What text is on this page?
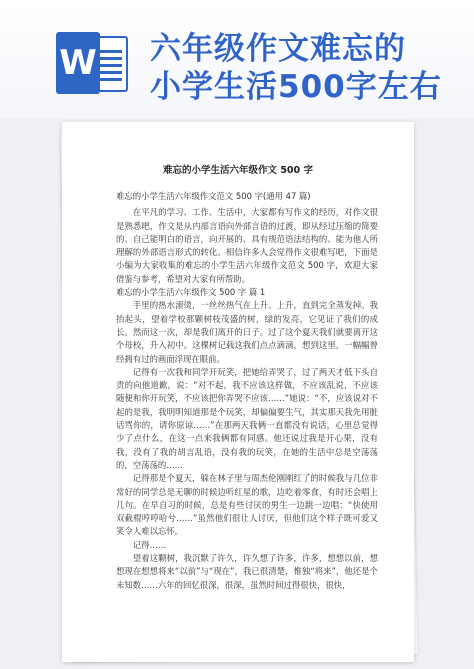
W 六年级作文难忘的
小学生活500字左右
难忘的小学生活六年级作文 500 字

难忘的小学生活六年级作文范文 500 字(通用 47 篇)

在平凡的学习、工作、生活中，大家都有写作文的经历，对作文很是熟悉吧，作文是从内部言语向外部言语的过渡，即从经过压缩的简要的、自己能明白的语言，向开展的、具有规范语法结构的、能为他人所理解的外部语言形式的转化。相信许多人会觉得作文很难写吧，下面是小编为大家收集的难忘的小学生活六年级作文范文 500 字，欢迎大家借鉴与参考，希望对大家有所帮助。

难忘的小学生活六年级作文 500 字 篇 1

手里的热水滚烫，一丝丝热气在上升。上升，直到完全蒸发掉。我抬起头，望着学校那颗树枝茂盛的树，绿的发亮，它见证了我们的成长。然而这一次，却是我们离开的日子。过了这个夏天我们就要离开这个母校，升入初中。这棵树记载这我们点点滴滴，想到这里，一幅幅曾经拥有过的画面浮现在眼前。

记得有一次我和同学开玩笑，把她给弄哭了，过了两天才低下头自责的向他道歉，说：“对不起，我不应该这样做，不应该乱说，不应该随便和你开玩笑，不应该把你弄哭不应该……”她说：“不，应该说对不起的是我，我明明知道那是个玩笑，却偏偏要生气，其实那天我先用脏话骂你的，请你原谅……”在那两天我俩一直都没有说话，心里总觉得少了点什么，在这一点来我俩都有同感。他还说过我是开心果，没有我，没有了我的胡言乱语，没有我的玩笑，在她的生活中总是空荡荡的，空荡荡的……

记得那是个夏天，躲在林子里与周杰伦刚刚红了的时候我与几位非常好的同学总是无聊的时候边听红星的歌，边吃着零食，有时还会唱上几句。在早自习的时候，总是有些讨厌的男生一边跳一边唱：“快使用双截棍哼哼哈兮……”虽然他们很让人讨厌，但他们这个样子既可爱又笑令人难以忘怀。

记得……

望着这颗树，我沉默了许久，许久想了许多，许多，想想以前，想想现在想想将来“以前”与“现在”，我已很清楚，惟独“将来”，他还是个未知数……六年的回忆很深，很深，虽然时间过得很快，很快，
